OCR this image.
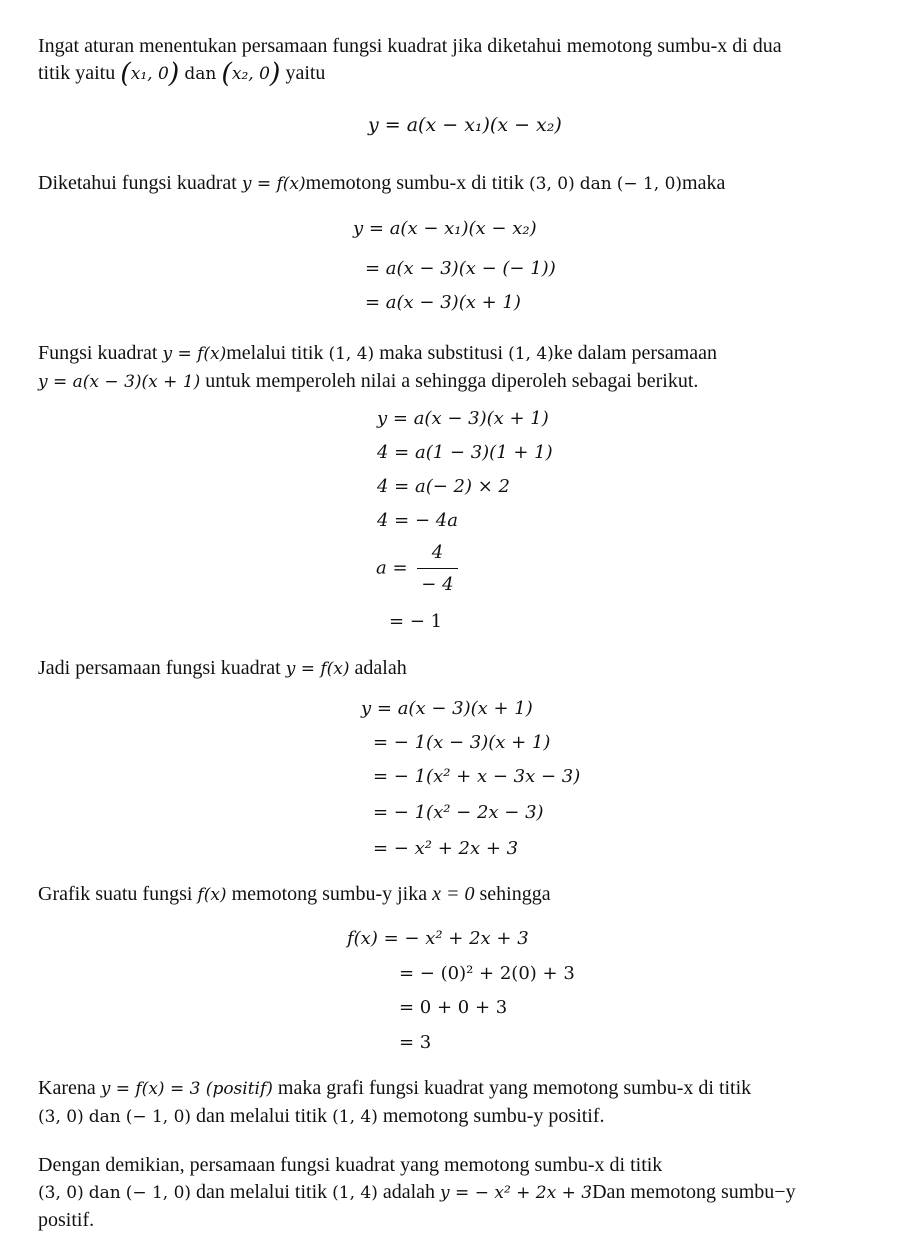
Ingat aturan menentukan persamaan fungsi kuadrat jika diketahui memotong sumbu-x di dua
titik yaitu (x₁, 0) dan (x₂, 0) yaitu
y = a(x − x₁)(x − x₂)
Diketahui fungsi kuadrat y = f(x)memotong sumbu-x di titik (3, 0) dan (− 1, 0)maka
y = a(x − x₁)(x − x₂)
= a(x − 3)(x − (− 1))
= a(x − 3)(x + 1)
Fungsi kuadrat y = f(x)melalui titik (1, 4) maka substitusi (1, 4)ke dalam persamaan
y = a(x − 3)(x + 1) untuk memperoleh nilai a sehingga diperoleh sebagai berikut.
y = a(x − 3)(x + 1)
4 = a(1 − 3)(1 + 1)
4 = a(− 2) × 2
4 = − 4a
$a = \frac{4}{- 4}$
= − 1
Jadi persamaan fungsi kuadrat y = f(x) adalah
y = a(x − 3)(x + 1)
= − 1(x − 3)(x + 1)
= − 1(x² + x − 3x − 3)
= − 1(x² − 2x − 3)
= − x² + 2x + 3
Grafik suatu fungsi f(x) memotong sumbu-y jika x = 0 sehingga
f(x) = − x² + 2x + 3
= − (0)² + 2(0) + 3
= 0 + 0 + 3
= 3
Karena y = f(x) = 3 (positif) maka grafi fungsi kuadrat yang memotong sumbu-x di titik
(3, 0) dan (− 1, 0) dan melalui titik (1, 4) memotong sumbu-y positif.
Dengan demikian, persamaan fungsi kuadrat yang memotong sumbu-x di titik
(3, 0) dan (− 1, 0) dan melalui titik (1, 4) adalah y = − x² + 2x + 3Dan memotong sumbu−y
positif.
